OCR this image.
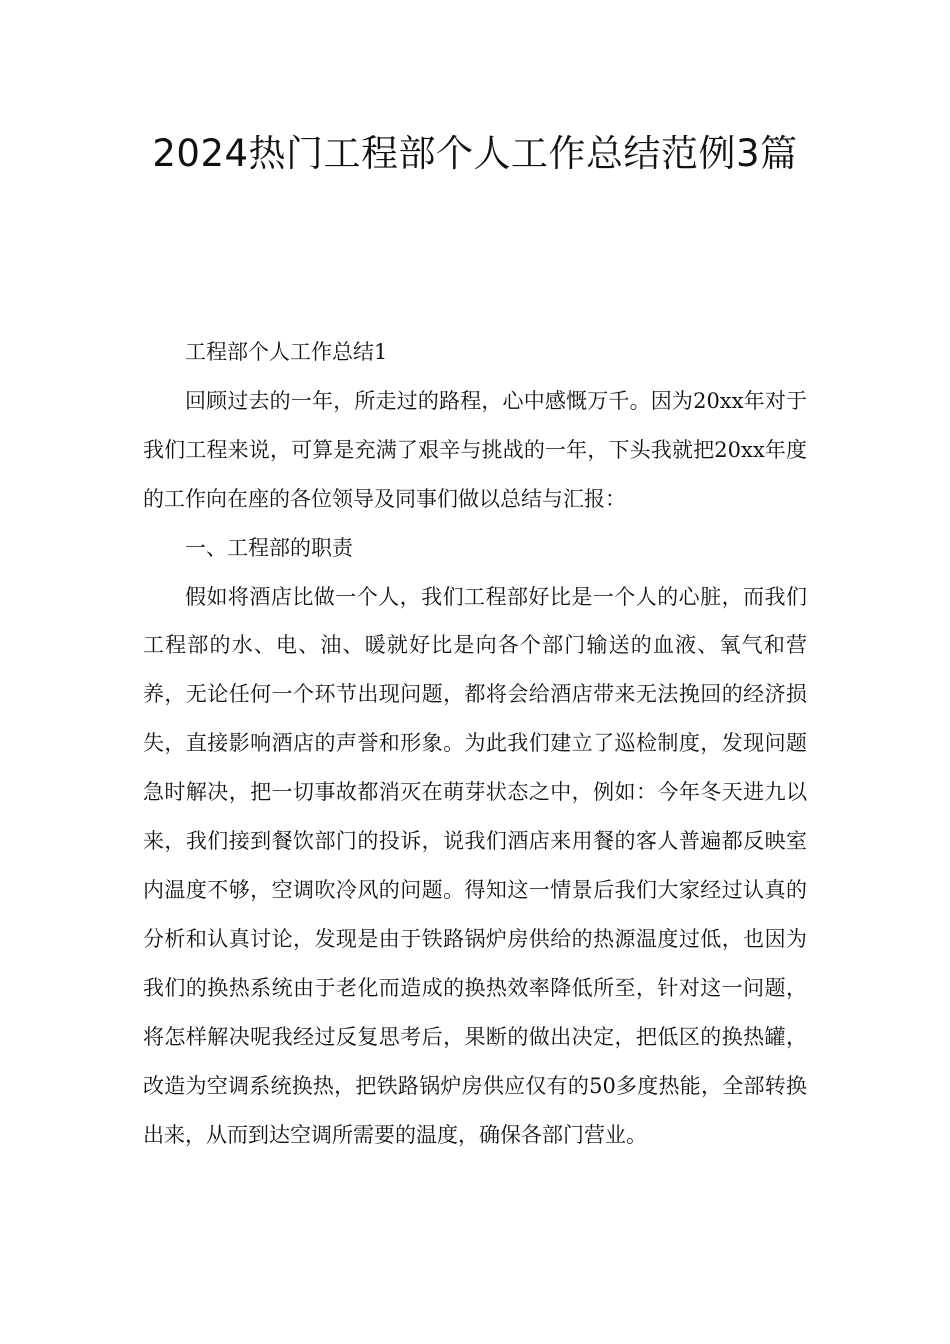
2024热门工程部个人工作总结范例3篇

工程部个人工作总结1

回顾过去的一年，所走过的路程，心中感慨万千。因为20xx年对于我们工程来说，可算是充满了艰辛与挑战的一年，下头我就把20xx年度的工作向在座的各位领导及同事们做以总结与汇报：

一、工程部的职责

假如将酒店比做一个人，我们工程部好比是一个人的心脏，而我们工程部的水、电、油、暖就好比是向各个部门输送的血液、氧气和营养，无论任何一个环节出现问题，都将会给酒店带来无法挽回的经济损失，直接影响酒店的声誉和形象。为此我们建立了巡检制度，发现问题急时解决，把一切事故都消灭在萌芽状态之中，例如：今年冬天进九以来，我们接到餐饮部门的投诉，说我们酒店来用餐的客人普遍都反映室内温度不够，空调吹冷风的问题。得知这一情景后我们大家经过认真的分析和认真讨论，发现是由于铁路锅炉房供给的热源温度过低，也因为我们的换热系统由于老化而造成的换热效率降低所至，针对这一问题，将怎样解决呢我经过反复思考后，果断的做出决定，把低区的换热罐，改造为空调系统换热，把铁路锅炉房供应仅有的50多度热能，全部转换出来，从而到达空调所需要的温度，确保各部门营业。
